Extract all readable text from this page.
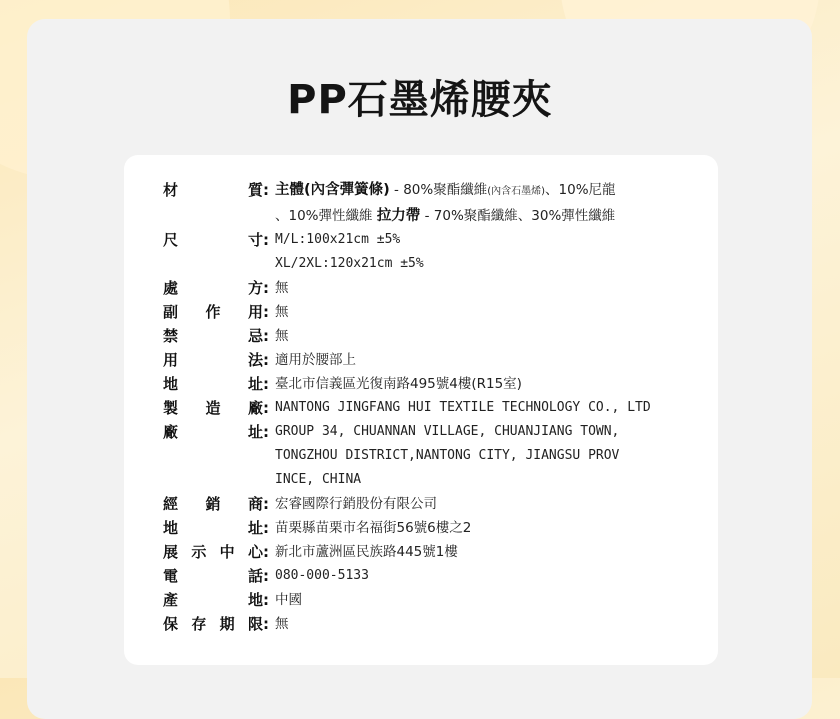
PP石墨烯腰夾
材	質 : 主體(內含彈簧條) - 80%聚酯纖維(內含石墨烯)、10%尼龍
、10%彈性纖維 拉力帶 - 70%聚酯纖維、30%彈性纖維
尺	寸 : M/L:100x21cm ±5%
XL/2XL:120x21cm ±5%
處	方 : 無
副 作 用 : 無
禁	忌 : 無
用	法 : 適用於腰部上
地	址 : 臺北市信義區光復南路495號4樓(R15室)
製 造 廠 : NANTONG JINGFANG HUI TEXTILE TECHNOLOGY CO., LTD
廠	址 : GROUP 34, CHUANNAN VILLAGE, CHUANJIANG TOWN,
TONGZHOU DISTRICT,NANTONG CITY, JIANGSU PROV
INCE, CHINA
經 銷 商 : 宏睿國際行銷股份有限公司
地	址 : 苗栗縣苗栗市名福街56號6樓之2
展 示 中 心 : 新北市蘆洲區民族路445號1樓
電	話 : 080-000-5133
產	地 : 中國
保 存 期 限 : 無
